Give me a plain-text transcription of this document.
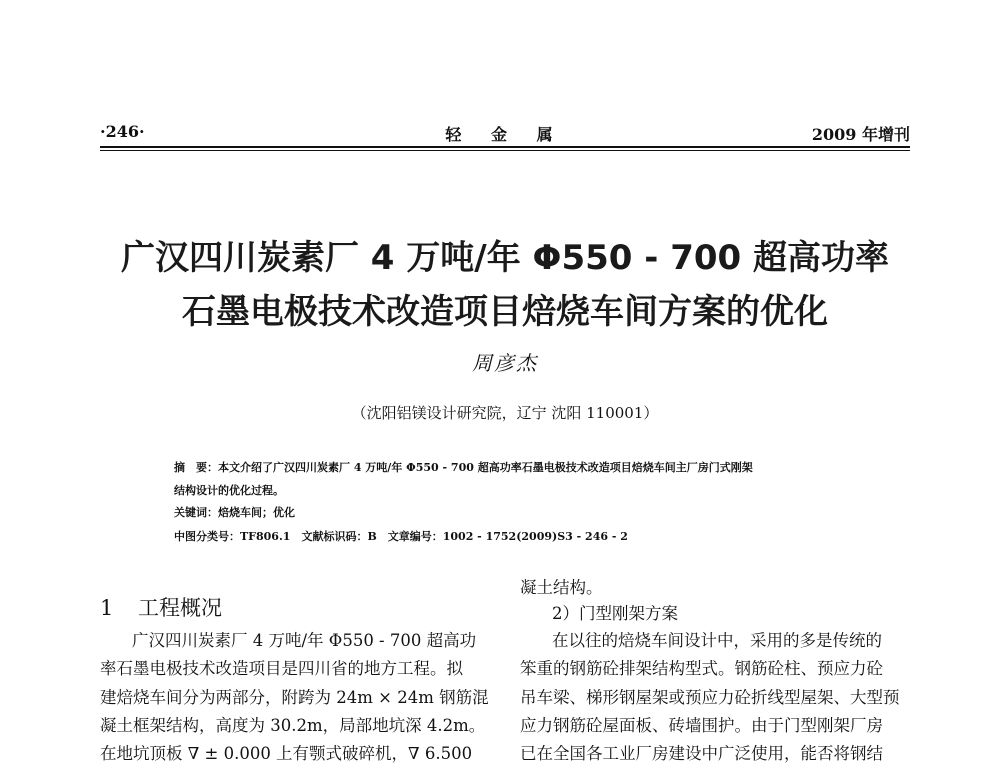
·246·	轻 金 属	2009 年增刊
广汉四川炭素厂 4 万吨/年 Φ550 - 700 超高功率
石墨电极技术改造项目焙烧车间方案的优化
周彦杰
（沈阳铝镁设计研究院，辽宁 沈阳 110001）
摘　要：本文介绍了广汉四川炭素厂 4 万吨/年 Φ550 - 700 超高功率石墨电极技术改造项目焙烧车间主厂房门式刚架
结构设计的优化过程。
关键词：焙烧车间；优化
中图分类号：TF806.1　文献标识码：B　文章编号：1002 - 1752(2009)S3 - 246 - 2
1 工程概况
广汉四川炭素厂 4 万吨/年 Φ550 - 700 超高功
率石墨电极技术改造项目是四川省的地方工程。拟
建焙烧车间分为两部分，附跨为 24m × 24m 钢筋混
凝土框架结构，高度为 30.2m，局部地坑深 4.2m。
在地坑顶板 ∇ ± 0.000 上有颚式破碎机，∇ 6.500
凝土结构。
2）门型刚架方案
在以往的焙烧车间设计中，采用的多是传统的
笨重的钢筋砼排架结构型式。钢筋砼柱、预应力砼
吊车梁、梯形钢屋架或预应力砼折线型屋架、大型预
应力钢筋砼屋面板、砖墙围护。由于门型刚架厂房
已在全国各工业厂房建设中广泛使用，能否将钢结
